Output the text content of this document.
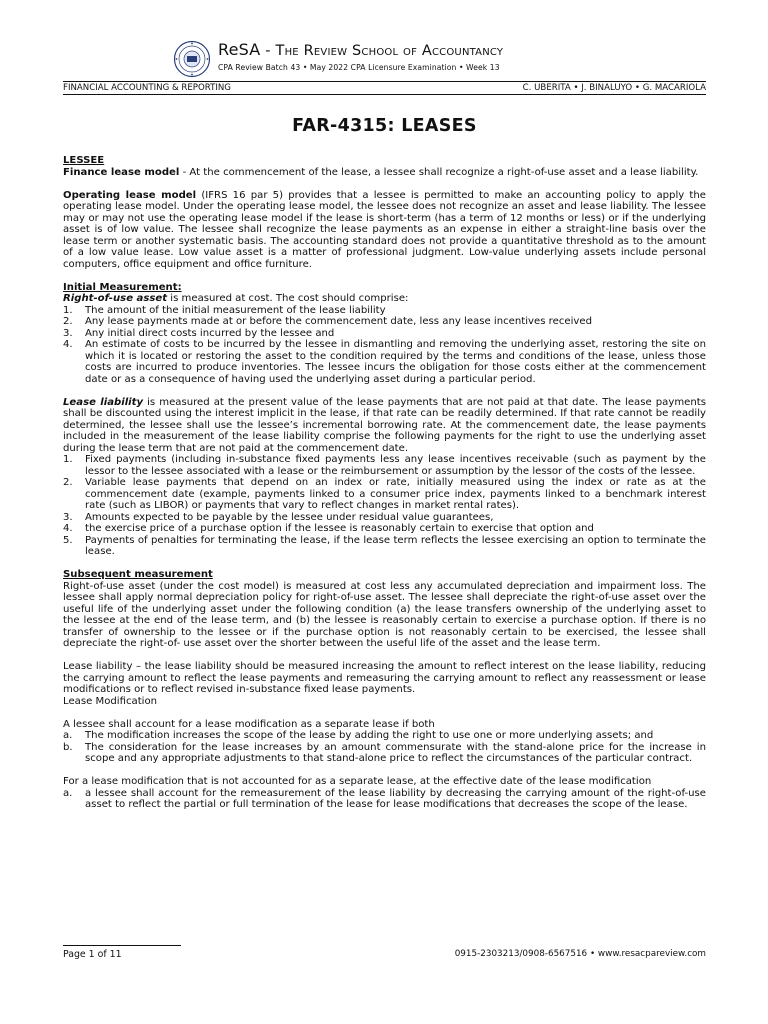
ReSA - The Review School of Accountancy
CPA Review Batch 43 • May 2022 CPA Licensure Examination • Week 13
FINANCIAL ACCOUNTING & REPORTING	C. UBERITA • J. BINALUYO • G. MACARIOLA
FAR-4315: LEASES

LESSEE

Finance lease model - At the commencement of the lease, a lessee shall recognize a right-of-use asset and a lease liability.

Operating lease model (IFRS 16 par 5) provides that a lessee is permitted to make an accounting policy to apply the operating lease model. Under the operating lease model, the lessee does not recognize an asset and lease liability. The lessee may or may not use the operating lease model if the lease is short-term (has a term of 12 months or less) or if the underlying asset is of low value. The lessee shall recognize the lease payments as an expense in either a straight-line basis over the lease term or another systematic basis. The accounting standard does not provide a quantitative threshold as to the amount of a low value lease. Low value asset is a matter of professional judgment. Low-value underlying assets include personal computers, office equipment and office furniture.

Initial Measurement:

Right-of-use asset is measured at cost. The cost should comprise:

1.	The amount of the initial measurement of the lease liability
2.	Any lease payments made at or before the commencement date, less any lease incentives received
3.	Any initial direct costs incurred by the lessee and
4.	An estimate of costs to be incurred by the lessee in dismantling and removing the underlying asset, restoring the site on which it is located or restoring the asset to the condition required by the terms and conditions of the lease, unless those costs are incurred to produce inventories. The lessee incurs the obligation for those costs either at the commencement date or as a consequence of having used the underlying asset during a particular period.

Lease liability is measured at the present value of the lease payments that are not paid at that date. The lease payments shall be discounted using the interest implicit in the lease, if that rate can be readily determined. If that rate cannot be readily determined, the lessee shall use the lessee’s incremental borrowing rate. At the commencement date, the lease payments included in the measurement of the lease liability comprise the following payments for the right to use the underlying asset during the lease term that are not paid at the commencement date.

1.	Fixed payments (including in-substance fixed payments less any lease incentives receivable (such as payment by the lessor to the lessee associated with a lease or the reimbursement or assumption by the lessor of the costs of the lessee.
2.	Variable lease payments that depend on an index or rate, initially measured using the index or rate as at the commencement date (example, payments linked to a consumer price index, payments linked to a benchmark interest rate (such as LIBOR) or payments that vary to reflect changes in market rental rates).
3.	Amounts expected to be payable by the lessee under residual value guarantees,
4.	the exercise price of a purchase option if the lessee is reasonably certain to exercise that option and
5.	Payments of penalties for terminating the lease, if the lease term reflects the lessee exercising an option to terminate the lease.

Subsequent measurement

Right-of-use asset (under the cost model) is measured at cost less any accumulated depreciation and impairment loss. The lessee shall apply normal depreciation policy for right-of-use asset. The lessee shall depreciate the right-of-use asset over the useful life of the underlying asset under the following condition (a) the lease transfers ownership of the underlying asset to the lessee at the end of the lease term, and (b) the lessee is reasonably certain to exercise a purchase option. If there is no transfer of ownership to the lessee or if the purchase option is not reasonably certain to be exercised, the lessee shall depreciate the right-of- use asset over the shorter between the useful life of the asset and the lease term.

Lease liability – the lease liability should be measured increasing the amount to reflect interest on the lease liability, reducing the carrying amount to reflect the lease payments and remeasuring the carrying amount to reflect any reassessment or lease modifications or to reflect revised in-substance fixed lease payments.

Lease Modification

A lessee shall account for a lease modification as a separate lease if both

a.	The modification increases the scope of the lease by adding the right to use one or more underlying assets; and
b.	The consideration for the lease increases by an amount commensurate with the stand-alone price for the increase in scope and any appropriate adjustments to that stand-alone price to reflect the circumstances of the particular contract.

For a lease modification that is not accounted for as a separate lease, at the effective date of the lease modification

a.	a lessee shall account for the remeasurement of the lease liability by decreasing the carrying amount of the right-of-use asset to reflect the partial or full termination of the lease for lease modifications that decreases the scope of the lease.
Page 1 of 11	0915-2303213/0908-6567516 • www.resacpareview.com
